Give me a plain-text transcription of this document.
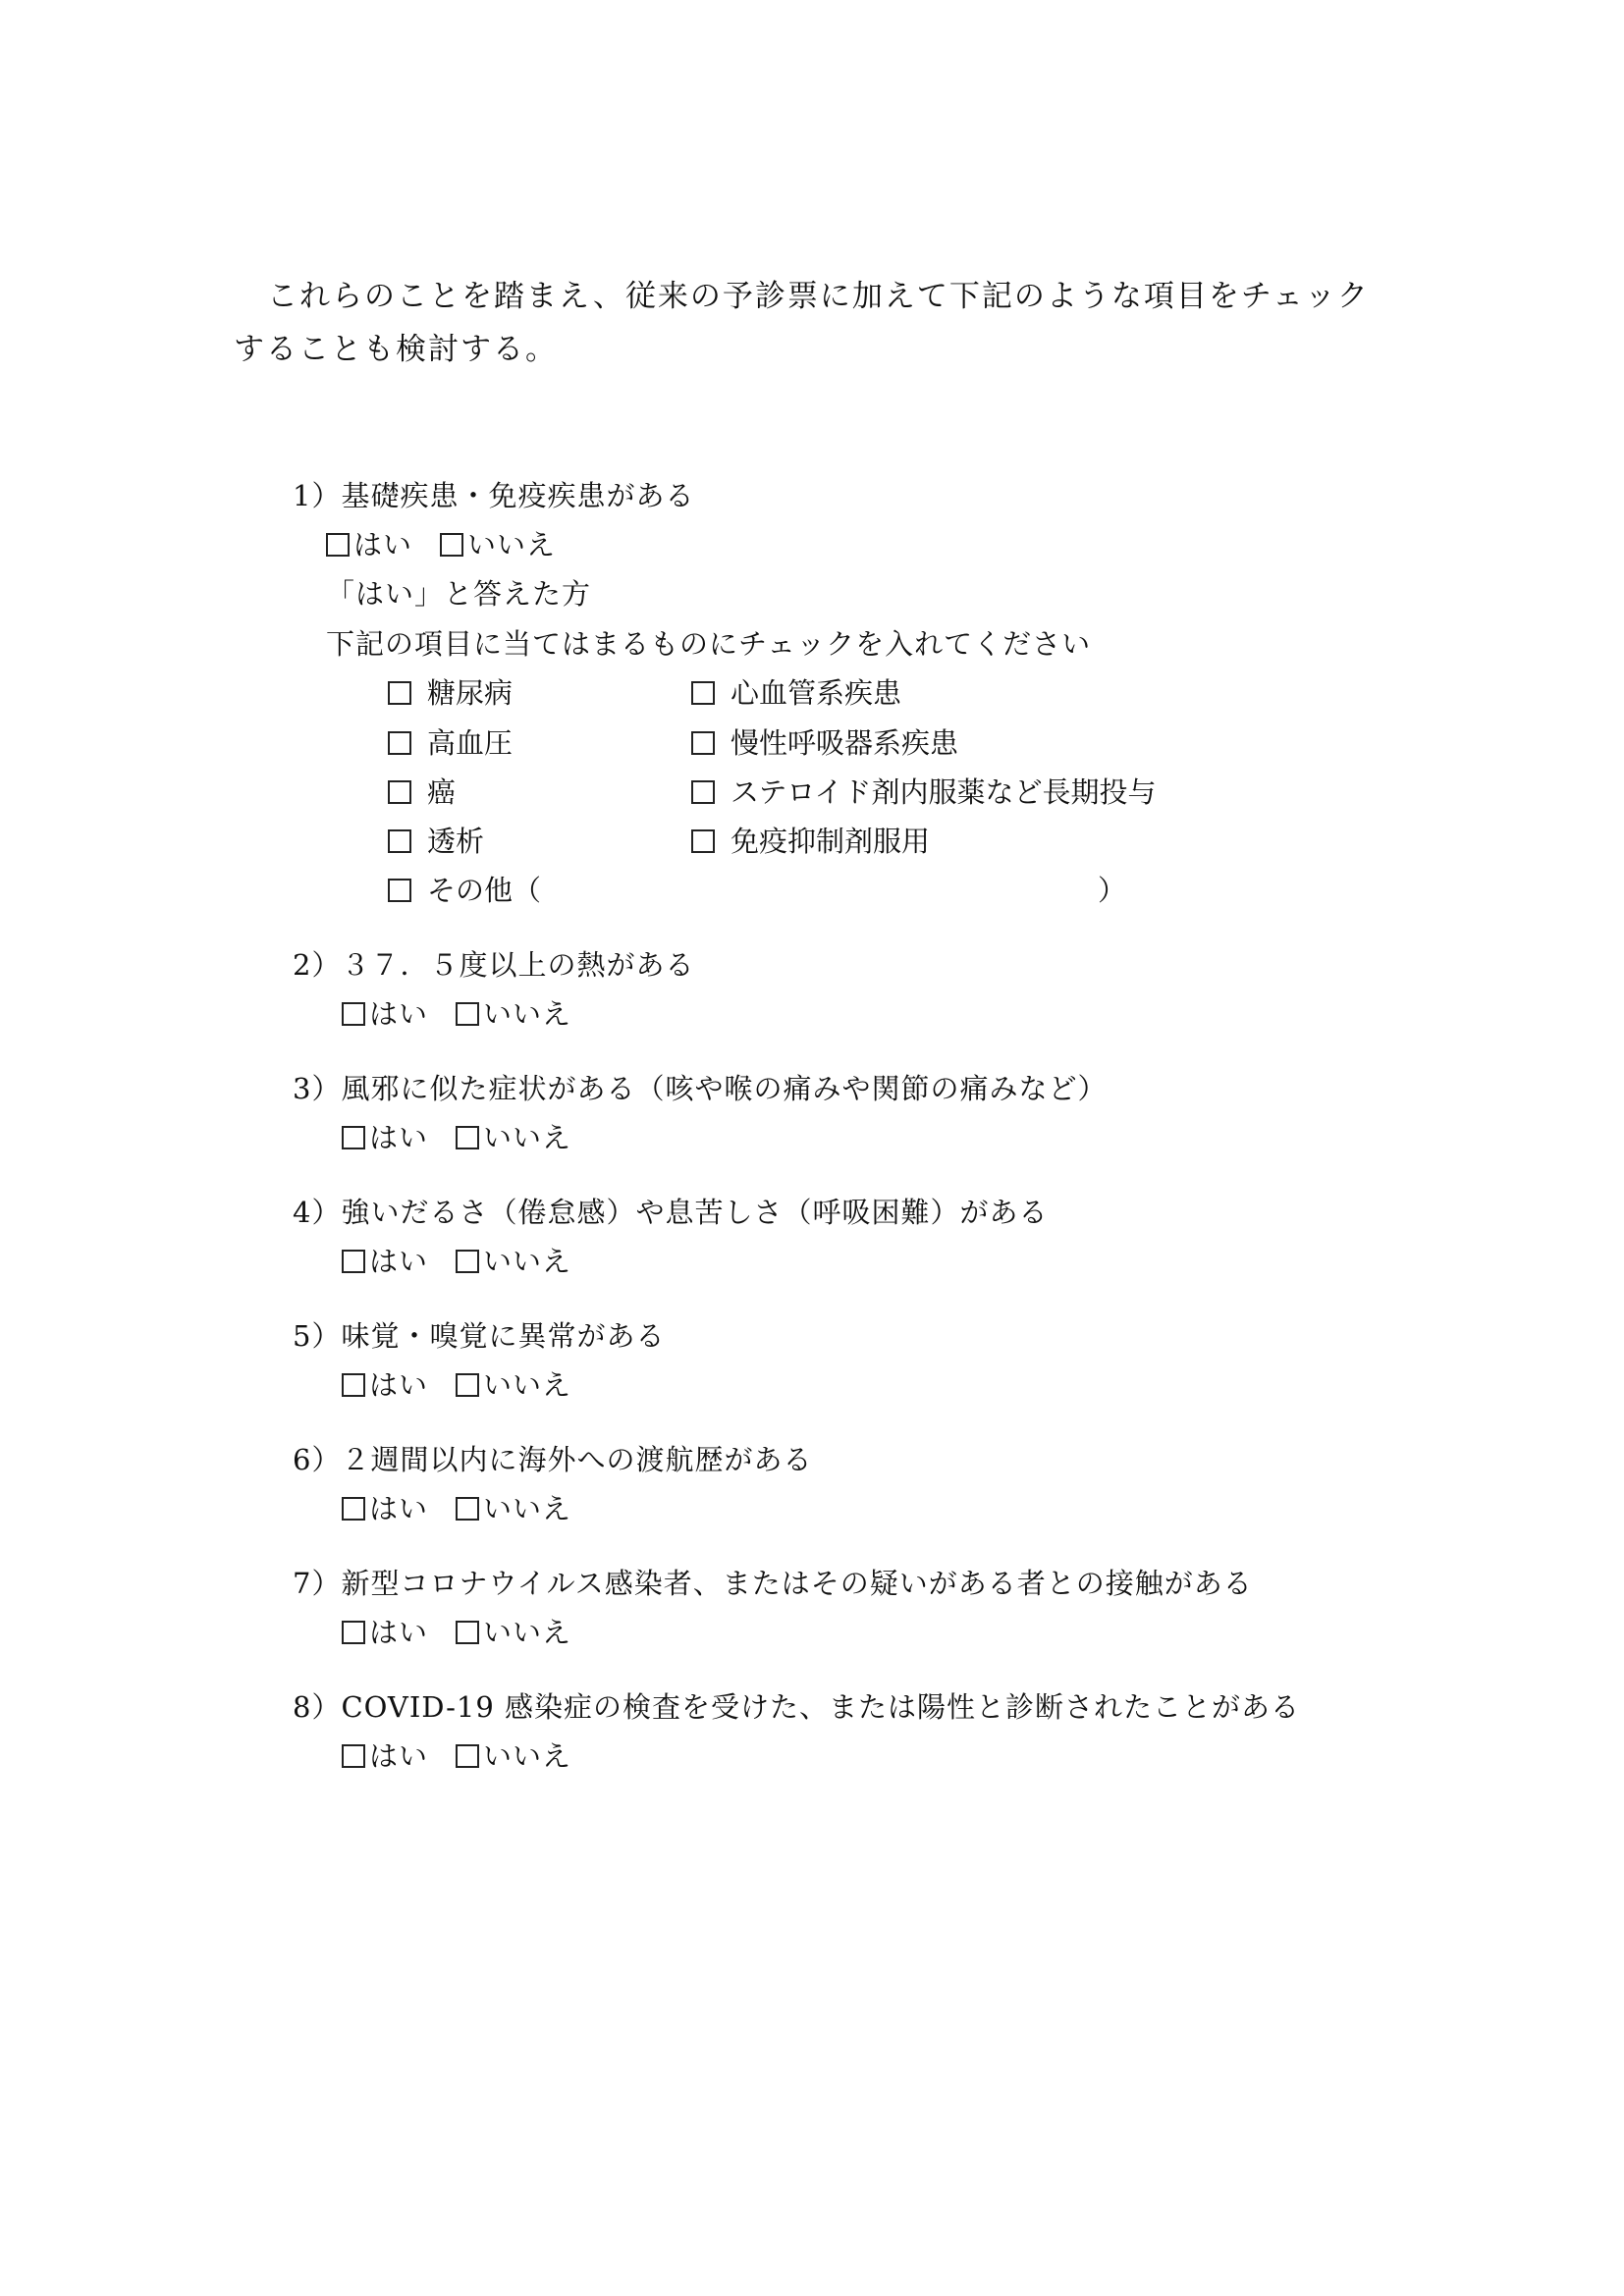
これらのことを踏まえ、従来の予診票に加えて下記のような項目をチェック
することも検討する。
1）基礎疾患・免疫疾患がある
はい いいえ
「はい」と答えた方
下記の項目に当てはまるものにチェックを入れてください
糖尿病
高血圧
癌
透析
心血管系疾患
慢性呼吸器系疾患
ステロイド剤内服薬など長期投与
免疫抑制剤服用
その他（	）
2）３７．５度以上の熱がある
はい いいえ
3）風邪に似た症状がある（咳や喉の痛みや関節の痛みなど）
はい いいえ
4）強いだるさ（倦怠感）や息苦しさ（呼吸困難）がある
はい いいえ
5）味覚・嗅覚に異常がある
はい いいえ
6）２週間以内に海外への渡航歴がある
はい いいえ
7）新型コロナウイルス感染者、またはその疑いがある者との接触がある
はい いいえ
8）COVID-19 感染症の検査を受けた、または陽性と診断されたことがある
はい いいえ
